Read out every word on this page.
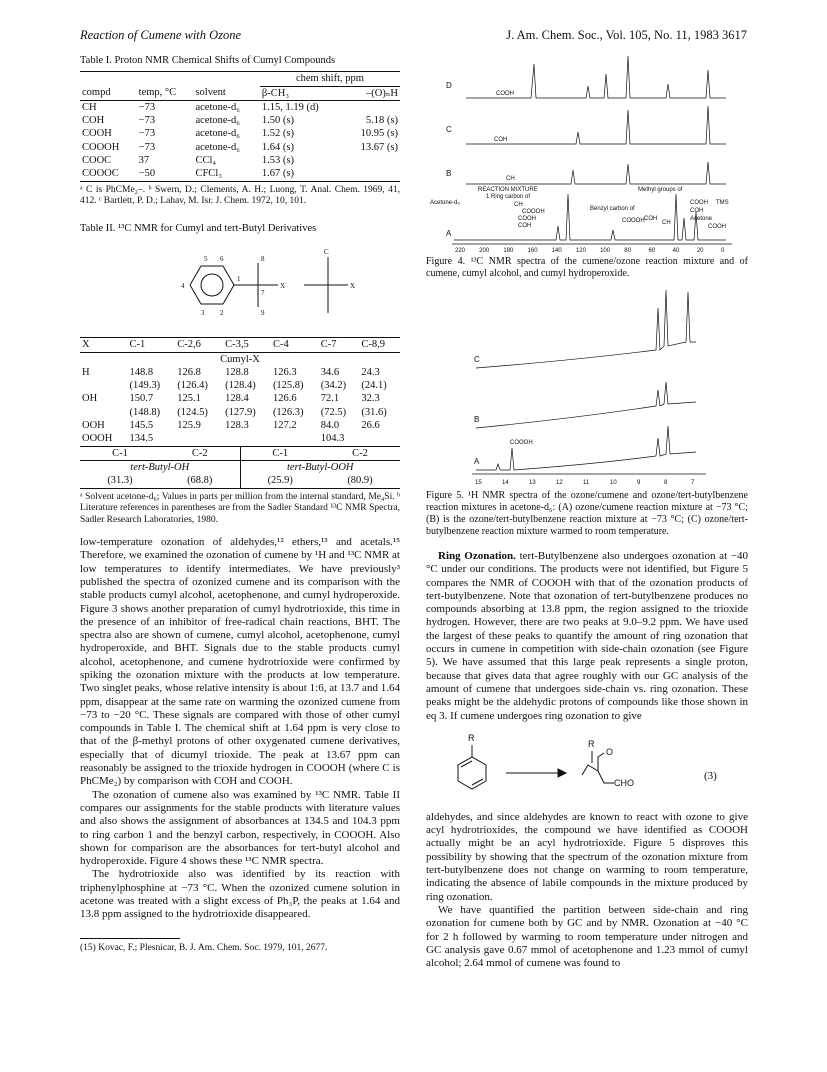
Reaction of Cumene with Ozone	J. Am. Chem. Soc., Vol. 105, No. 11, 1983 3617
Table I. Proton NMR Chemical Shifts of Cumyl Compounds
			chem shift, ppm	
compd	temp, °C	solvent	β-CH₃	–(O)ₙH
CH	−73	acetone-d₆	1.15, 1.19 (d)	
COH	−73	acetone-d₆	1.50 (s)	5.18 (s)
COOH	−73	acetone-d₆	1.52 (s)	10.95 (s)
COOOH	−73	acetone-d₆	1.64 (s)	13.67 (s)
COOC	37	CCl₄	1.53 (s)	
COOOC	−50	CFCl₃	1.67 (s)	
ᵃ C is PhCMe₂–. ᵇ Swern, D.; Clements, A. H.; Luong, T. Anal. Chem. 1969, 41, 412. ᶜ Bartlett, P. D.; Lahav, M. Isr. J. Chem. 1972, 10, 101.
Table II. ¹³C NMR for Cumyl and tert-Butyl Derivatives
5 6
4
3 2
1
7
8
9
X
C
X
X	C-1	C-2,6	C-3,5	C-4	C-7	C-8,9
Cumyl-X						
H	148.8	126.8	128.8	126.3	34.6	24.3
	(149.3)	(126.4)	(128.4)	(125.8)	(34.2)	(24.1)
OH	150.7	125.1	128.4	126.6	72.1	32.3
	(148.8)	(124.5)	(127.9)	(126.3)	(72.5)	(31.6)
OOH	145.5	125.9	128.3	127.2	84.0	26.6
OOOH	134.5				104.3	
C-1	C-2	C-1	C-2
tert-Butyl-OH		tert-Butyl-OOH	
(31.3)	(68.8)	(25.9)	(80.9)
ᵃ Solvent acetone-d₆; Values in parts per million from the internal standard, Me₄Si. ᵇ Literature references in parentheses are from the Sadler Standard ¹³C NMR Spectra, Sadler Research Laboratories, 1980.

low-temperature ozonation of aldehydes,¹² ethers,¹³ and acetals.¹⁵ Therefore, we examined the ozonation of cumene by ¹H and ¹³C NMR at low temperatures to identify intermediates. We have previously³ published the spectra of ozonized cumene and its comparison with the stable products cumyl alcohol, acetophenone, and cumyl hydroperoxide. Figure 3 shows another preparation of cumyl hydrotrioxide, this time in the presence of an inhibitor of free-radical chain reactions, BHT. The spectra also are shown of cumene, cumyl alcohol, acetophenone, cumyl hydroperoxide, and BHT. Signals due to the stable products cumyl alcohol, acetophenone, and cumene hydrotrioxide were confirmed by spiking the ozonation mixture with the products at low temperature. Two singlet peaks, whose relative intensity is about 1:6, at 13.7 and 1.64 ppm, disappear at the same rate on warming the ozonized cumene from −73 to −20 °C. These signals are compared with those of other cumyl compounds in Table I. The chemical shift at 1.64 ppm is very close to that of the β-methyl protons of other oxygenated cumene derivatives, especially that of dicumyl trioxide. The peak at 13.67 ppm can reasonably be assigned to the trioxide hydrogen in COOOH (where C is PhCMe₂) by comparison with COH and COOH.

The ozonation of cumene also was examined by ¹³C NMR. Table II compares our assignments for the stable products with literature values and also shows the assignment of absorbances at 134.5 and 104.3 ppm to ring carbon 1 and the benzyl carbon, respectively, in COOOH. Also shown for comparison are the absorbances for tert-butyl alcohol and hydroperoxide. Figure 4 shows these ¹³C NMR spectra.

The hydrotrioxide also was identified by its reaction with triphenylphosphine at −73 °C. When the ozonized cumene solution in acetone was treated with a slight excess of Ph₃P, the peaks at 1.64 and 13.8 ppm assigned to the hydrotrioxide disappeared.

(15) Kovac, F.; Plesnicar, B. J. Am. Chem. Soc. 1979, 101, 2677.
D
C
B
A
COOH
COH
CH
REACTION MIXTURE
1 Ring carbon of
Methyl groups of
Acetone-d₆
Benzyl carbon of
CH
COOOH
COOH
COH
TMS
COOH
COH
Acetone
COOH
CH
COOOH COH
220 200 180 160 140 120 100 80	60	40	20	0
Figure 4. ¹³C NMR spectra of the cumene/ozone reaction mixture and of cumene, cumyl alcohol, and cumyl hydroperoxide.
C
B
A
COOOH
15	14	13	12	11	10	9	8	7
Figure 5. ¹H NMR spectra of the ozone/cumene and ozone/tert-butylbenzene reaction mixtures in acetone-d₆: (A) ozone/cumene reaction mixture at −73 °C; (B) is the ozone/tert-butylbenzene reaction mixture at −73 °C; (C) ozone/tert-butylbenzene reaction mixture warmed to room temperature.

Ring Ozonation. tert-Butylbenzene also undergoes ozonation at −40 °C under our conditions. The products were not identified, but Figure 5 compares the NMR of COOOH with that of the ozonation products of tert-butylbenzene. Note that ozonation of tert-butylbenzene produces no compounds absorbing at 13.8 ppm, the region assigned to the trioxide hydrogen. However, there are two peaks at 9.0–9.2 ppm. We have used the largest of these peaks to quantify the amount of ring ozonation that occurs in cumene in competition with side-chain ozonation (see Figure 5). We have assumed that this large peak represents a single proton, because that gives data that agree roughly with our GC analysis of the amount of cumene that undergoes side-chain vs. ring ozonation. These peaks might be the aldehydic protons of compounds like those shown in eq 3. If cumene undergoes ring ozonation to give

R
R
O
CHO
(3)

aldehydes, and since aldehydes are known to react with ozone to give acyl hydrotrioxides, the compound we have identified as COOOH actually might be an acyl hydrotrioxide. Figure 5 disproves this possibility by showing that the spectrum of the ozonation mixture from tert-butylbenzene does not change on warming to room temperature, indicating the absence of labile compounds in the mixture produced by ring ozonation.

We have quantified the partition between side-chain and ring ozonation for cumene both by GC and by NMR. Ozonation at −40 °C for 2 h followed by warming to room temperature under nitrogen and GC analysis gave 0.67 mmol of acetophenone and 1.23 mmol of cumyl alcohol; 2.64 mmol of cumene was found to
